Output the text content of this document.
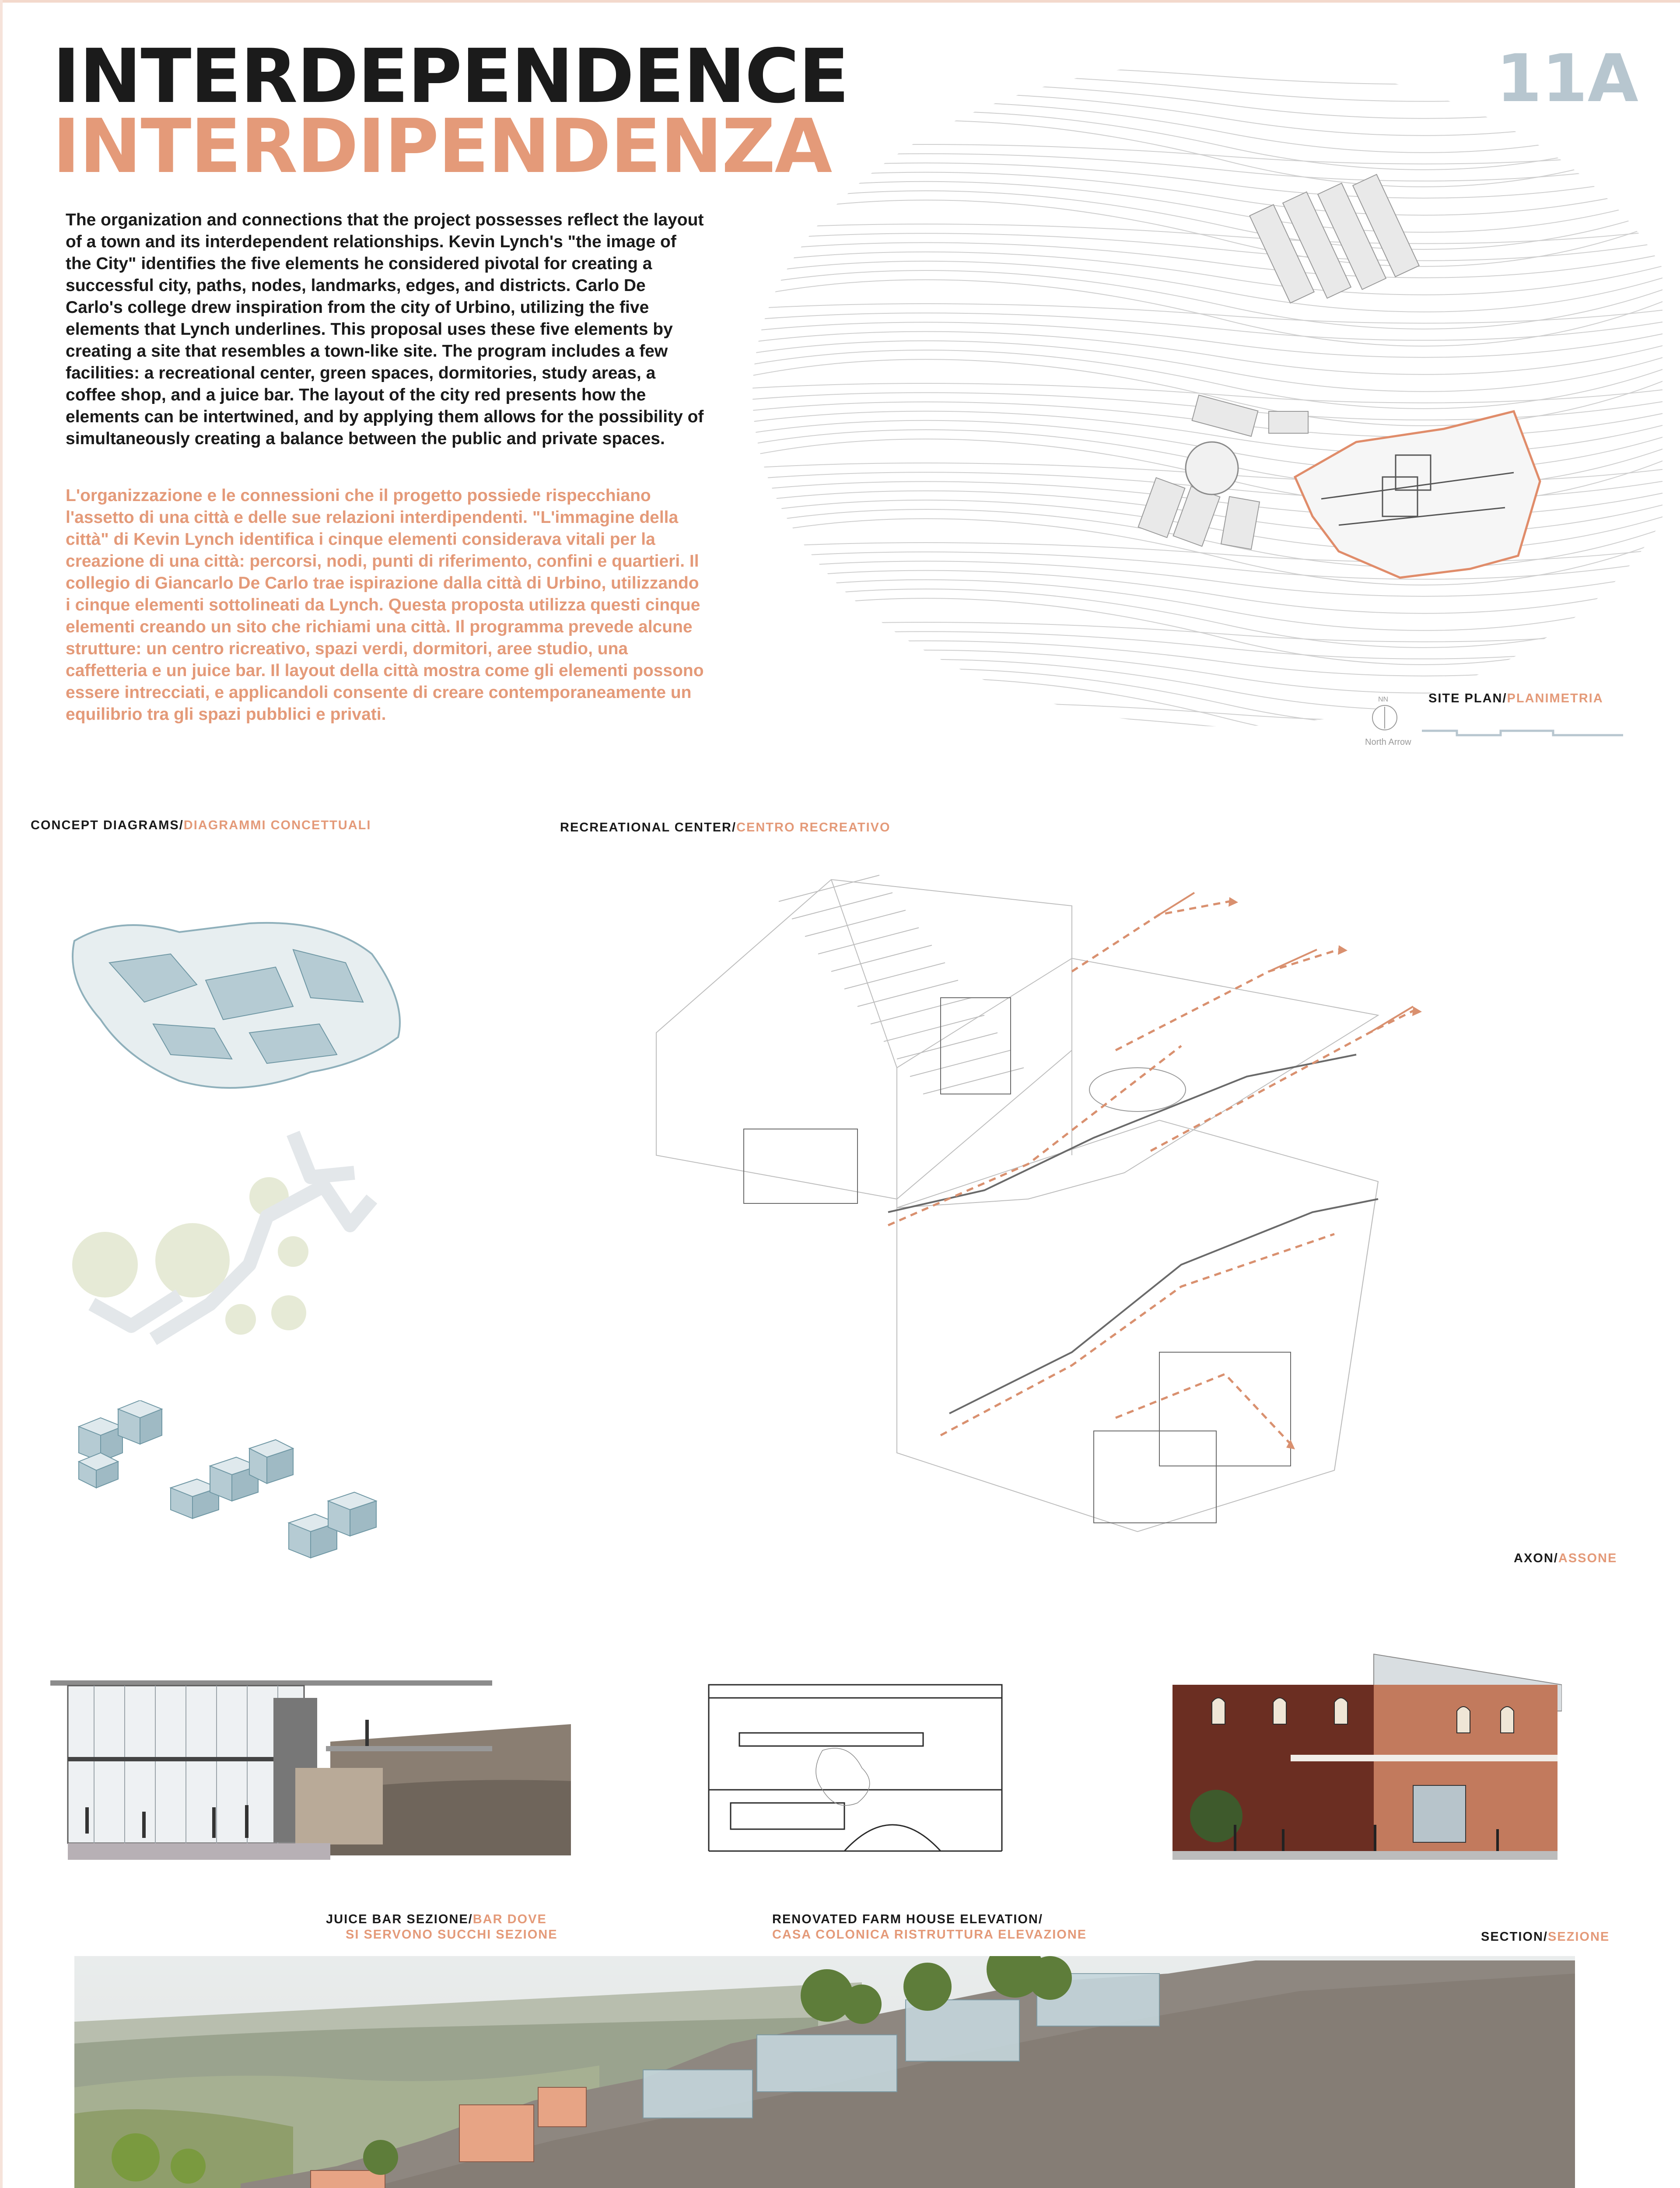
INTERDEPENDENCE
INTERDIPENDENZA
11A
The organization and connections that the project possesses reflect the layout of a town and its interdependent relationships. Kevin Lynch's "the image of the City" identifies the five elements he considered pivotal for creating a successful city, paths, nodes, landmarks, edges, and districts. Carlo De Carlo's college drew inspiration from the city of Urbino, utilizing the five elements that Lynch underlines. This proposal uses these five elements by creating a site that resembles a town-like site. The program includes a few facilities: a recreational center, green spaces, dormitories, study areas, a coffee shop, and a juice bar. The layout of the city red presents how the elements can be intertwined, and by applying them allows for the possibility of simultaneously creating a balance between the public and private spaces.
L'organizzazione e le connessioni che il progetto possiede rispecchiano l'assetto di una città e delle sue relazioni interdipendenti. "L'immagine della città" di Kevin Lynch identifica i cinque elementi considerava vitali per la creazione di una città: percorsi, nodi, punti di riferimento, confini e quartieri. Il collegio di Giancarlo De Carlo trae ispirazione dalla città di Urbino, utilizzando i cinque elementi sottolineati da Lynch. Questa proposta utilizza questi cinque elementi creando un sito che richiami una città. Il programma prevede alcune strutture: un centro ricreativo, spazi verdi, dormitori, aree studio, una caffetteria e un juice bar. Il layout della città mostra come gli elementi possono essere intrecciati, e applicandoli consente di creare contemporaneamente un equilibrio tra gli spazi pubblici e privati.
NN
North Arrow
SITE PLAN/PLANIMETRIA
CONCEPT DIAGRAMS/DIAGRAMMI CONCETTUALI	RECREATIONAL CENTER/CENTRO RECREATIVO
AXON/ASSONE
JUICE BAR SEZIONE/BAR DOVE
SI SERVONO SUCCHI SEZIONE
RENOVATED FARM HOUSE ELEVATION/
CASA COLONICA RISTRUTTURA ELEVAZIONE	SECTION/SEZIONE
